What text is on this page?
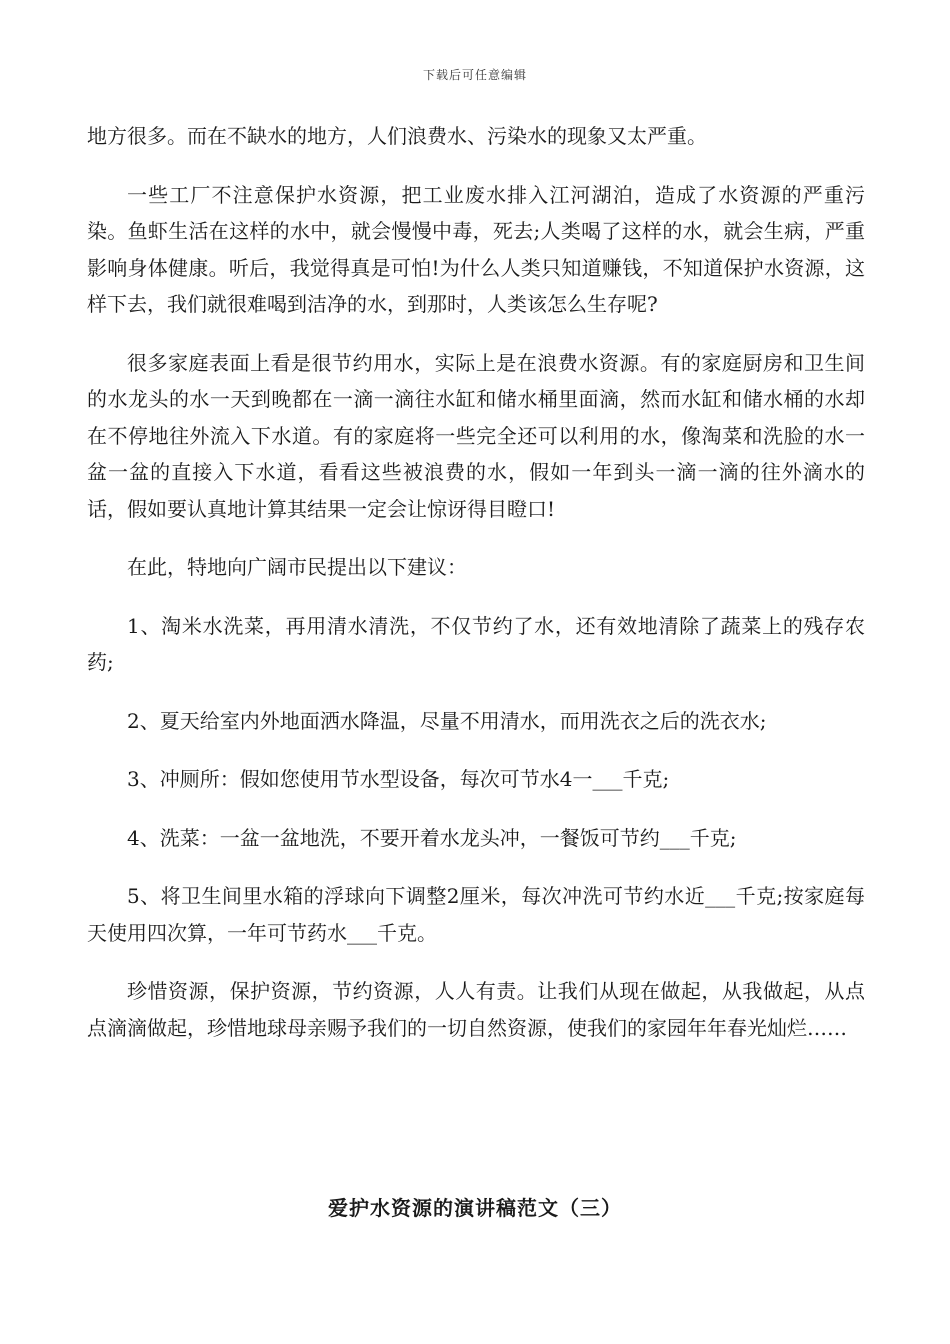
下载后可任意编辑

地方很多。而在不缺水的地方，人们浪费水、污染水的现象又太严重。

一些工厂不注意保护水资源，把工业废水排入江河湖泊，造成了水资源的严重污染。鱼虾生活在这样的水中，就会慢慢中毒，死去;人类喝了这样的水，就会生病，严重影响身体健康。听后，我觉得真是可怕!为什么人类只知道赚钱，不知道保护水资源，这样下去，我们就很难喝到洁净的水，到那时，人类该怎么生存呢?

很多家庭表面上看是很节约用水，实际上是在浪费水资源。有的家庭厨房和卫生间的水龙头的水一天到晚都在一滴一滴往水缸和储水桶里面滴，然而水缸和储水桶的水却在不停地往外流入下水道。有的家庭将一些完全还可以利用的水，像淘菜和洗脸的水一盆一盆的直接入下水道，看看这些被浪费的水，假如一年到头一滴一滴的往外滴水的话，假如要认真地计算其结果一定会让惊讶得目瞪口!

在此，特地向广阔市民提出以下建议：

1、淘米水洗菜，再用清水清洗，不仅节约了水，还有效地清除了蔬菜上的残存农药;

2、夏天给室内外地面洒水降温，尽量不用清水，而用洗衣之后的洗衣水;

3、冲厕所：假如您使用节水型设备，每次可节水4一___千克;

4、洗菜：一盆一盆地洗，不要开着水龙头冲，一餐饭可节约___千克;

5、将卫生间里水箱的浮球向下调整2厘米，每次冲洗可节约水近___千克;按家庭每天使用四次算，一年可节药水___千克。

珍惜资源，保护资源，节约资源，人人有责。让我们从现在做起，从我做起，从点点滴滴做起，珍惜地球母亲赐予我们的一切自然资源，使我们的家园年年春光灿烂……

爱护水资源的演讲稿范文（三）
